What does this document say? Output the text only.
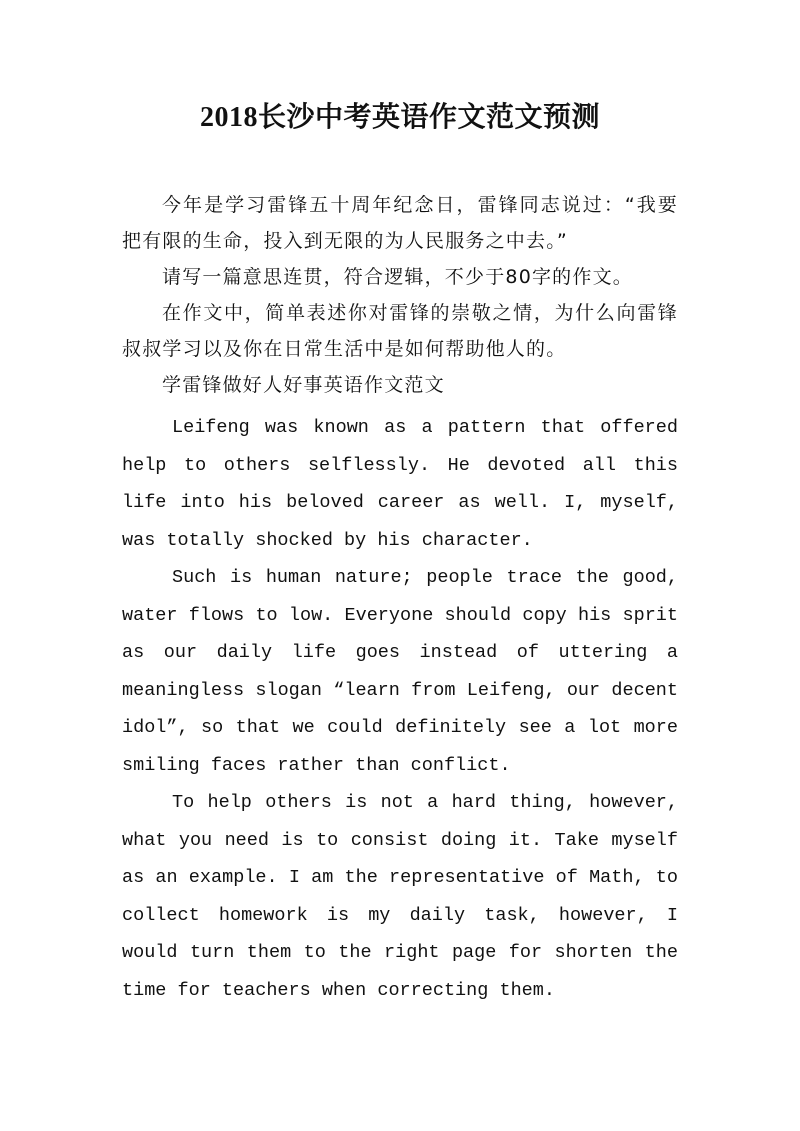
2018长沙中考英语作文范文预测

今年是学习雷锋五十周年纪念日，雷锋同志说过：“我要把有限的生命，投入到无限的为人民服务之中去。”

请写一篇意思连贯，符合逻辑，不少于80字的作文。

在作文中，简单表述你对雷锋的崇敬之情，为什么向雷锋叔叔学习以及你在日常生活中是如何帮助他人的。

学雷锋做好人好事英语作文范文

Leifeng was known as a pattern that offered help to others selflessly. He devoted all this life into his beloved career as well. I, myself, was totally shocked by his character.

Such is human nature; people trace the good, water flows to low. Everyone should copy his sprit as our daily life goes instead of uttering a meaningless slogan “learn from Leifeng, our decent idol”, so that we could definitely see a lot more smiling faces rather than conflict.

To help others is not a hard thing, however, what you need is to consist doing it. Take myself as an example. I am the representative of Math, to collect homework is my daily task, however, I would turn them to the right page for shorten the time for teachers when correcting them.
